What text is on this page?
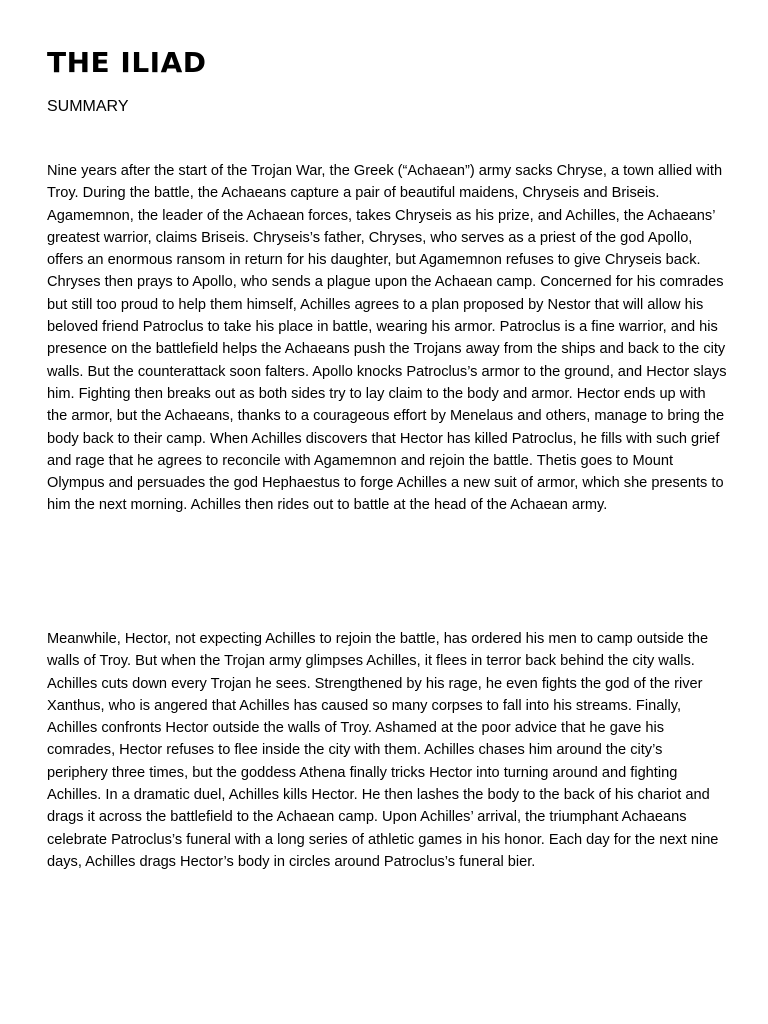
THE ILIAD
SUMMARY

Nine years after the start of the Trojan War, the Greek (“Achaean”) army sacks Chryse, a town allied with Troy. During the battle, the Achaeans capture a pair of beautiful maidens, Chryseis and Briseis. Agamemnon, the leader of the Achaean forces, takes Chryseis as his prize, and Achilles, the Achaeans’ greatest warrior, claims Briseis. Chryseis’s father, Chryses, who serves as a priest of the god Apollo, offers an enormous ransom in return for his daughter, but Agamemnon refuses to give Chryseis back. Chryses then prays to Apollo, who sends a plague upon the Achaean camp. Concerned for his comrades but still too proud to help them himself, Achilles agrees to a plan proposed by Nestor that will allow his beloved friend Patroclus to take his place in battle, wearing his armor. Patroclus is a fine warrior, and his presence on the battlefield helps the Achaeans push the Trojans away from the ships and back to the city walls. But the counterattack soon falters. Apollo knocks Patroclus’s armor to the ground, and Hector slays him. Fighting then breaks out as both sides try to lay claim to the body and armor. Hector ends up with the armor, but the Achaeans, thanks to a courageous effort by Menelaus and others, manage to bring the body back to their camp. When Achilles discovers that Hector has killed Patroclus, he fills with such grief and rage that he agrees to reconcile with Agamemnon and rejoin the battle. Thetis goes to Mount Olympus and persuades the god Hephaestus to forge Achilles a new suit of armor, which she presents to him the next morning. Achilles then rides out to battle at the head of the Achaean army.

Meanwhile, Hector, not expecting Achilles to rejoin the battle, has ordered his men to camp outside the walls of Troy. But when the Trojan army glimpses Achilles, it flees in terror back behind the city walls. Achilles cuts down every Trojan he sees. Strengthened by his rage, he even fights the god of the river Xanthus, who is angered that Achilles has caused so many corpses to fall into his streams. Finally, Achilles confronts Hector outside the walls of Troy. Ashamed at the poor advice that he gave his comrades, Hector refuses to flee inside the city with them. Achilles chases him around the city’s periphery three times, but the goddess Athena finally tricks Hector into turning around and fighting Achilles. In a dramatic duel, Achilles kills Hector. He then lashes the body to the back of his chariot and drags it across the battlefield to the Achaean camp. Upon Achilles’ arrival, the triumphant Achaeans celebrate Patroclus’s funeral with a long series of athletic games in his honor. Each day for the next nine days, Achilles drags Hector’s body in circles around Patroclus’s funeral bier.
